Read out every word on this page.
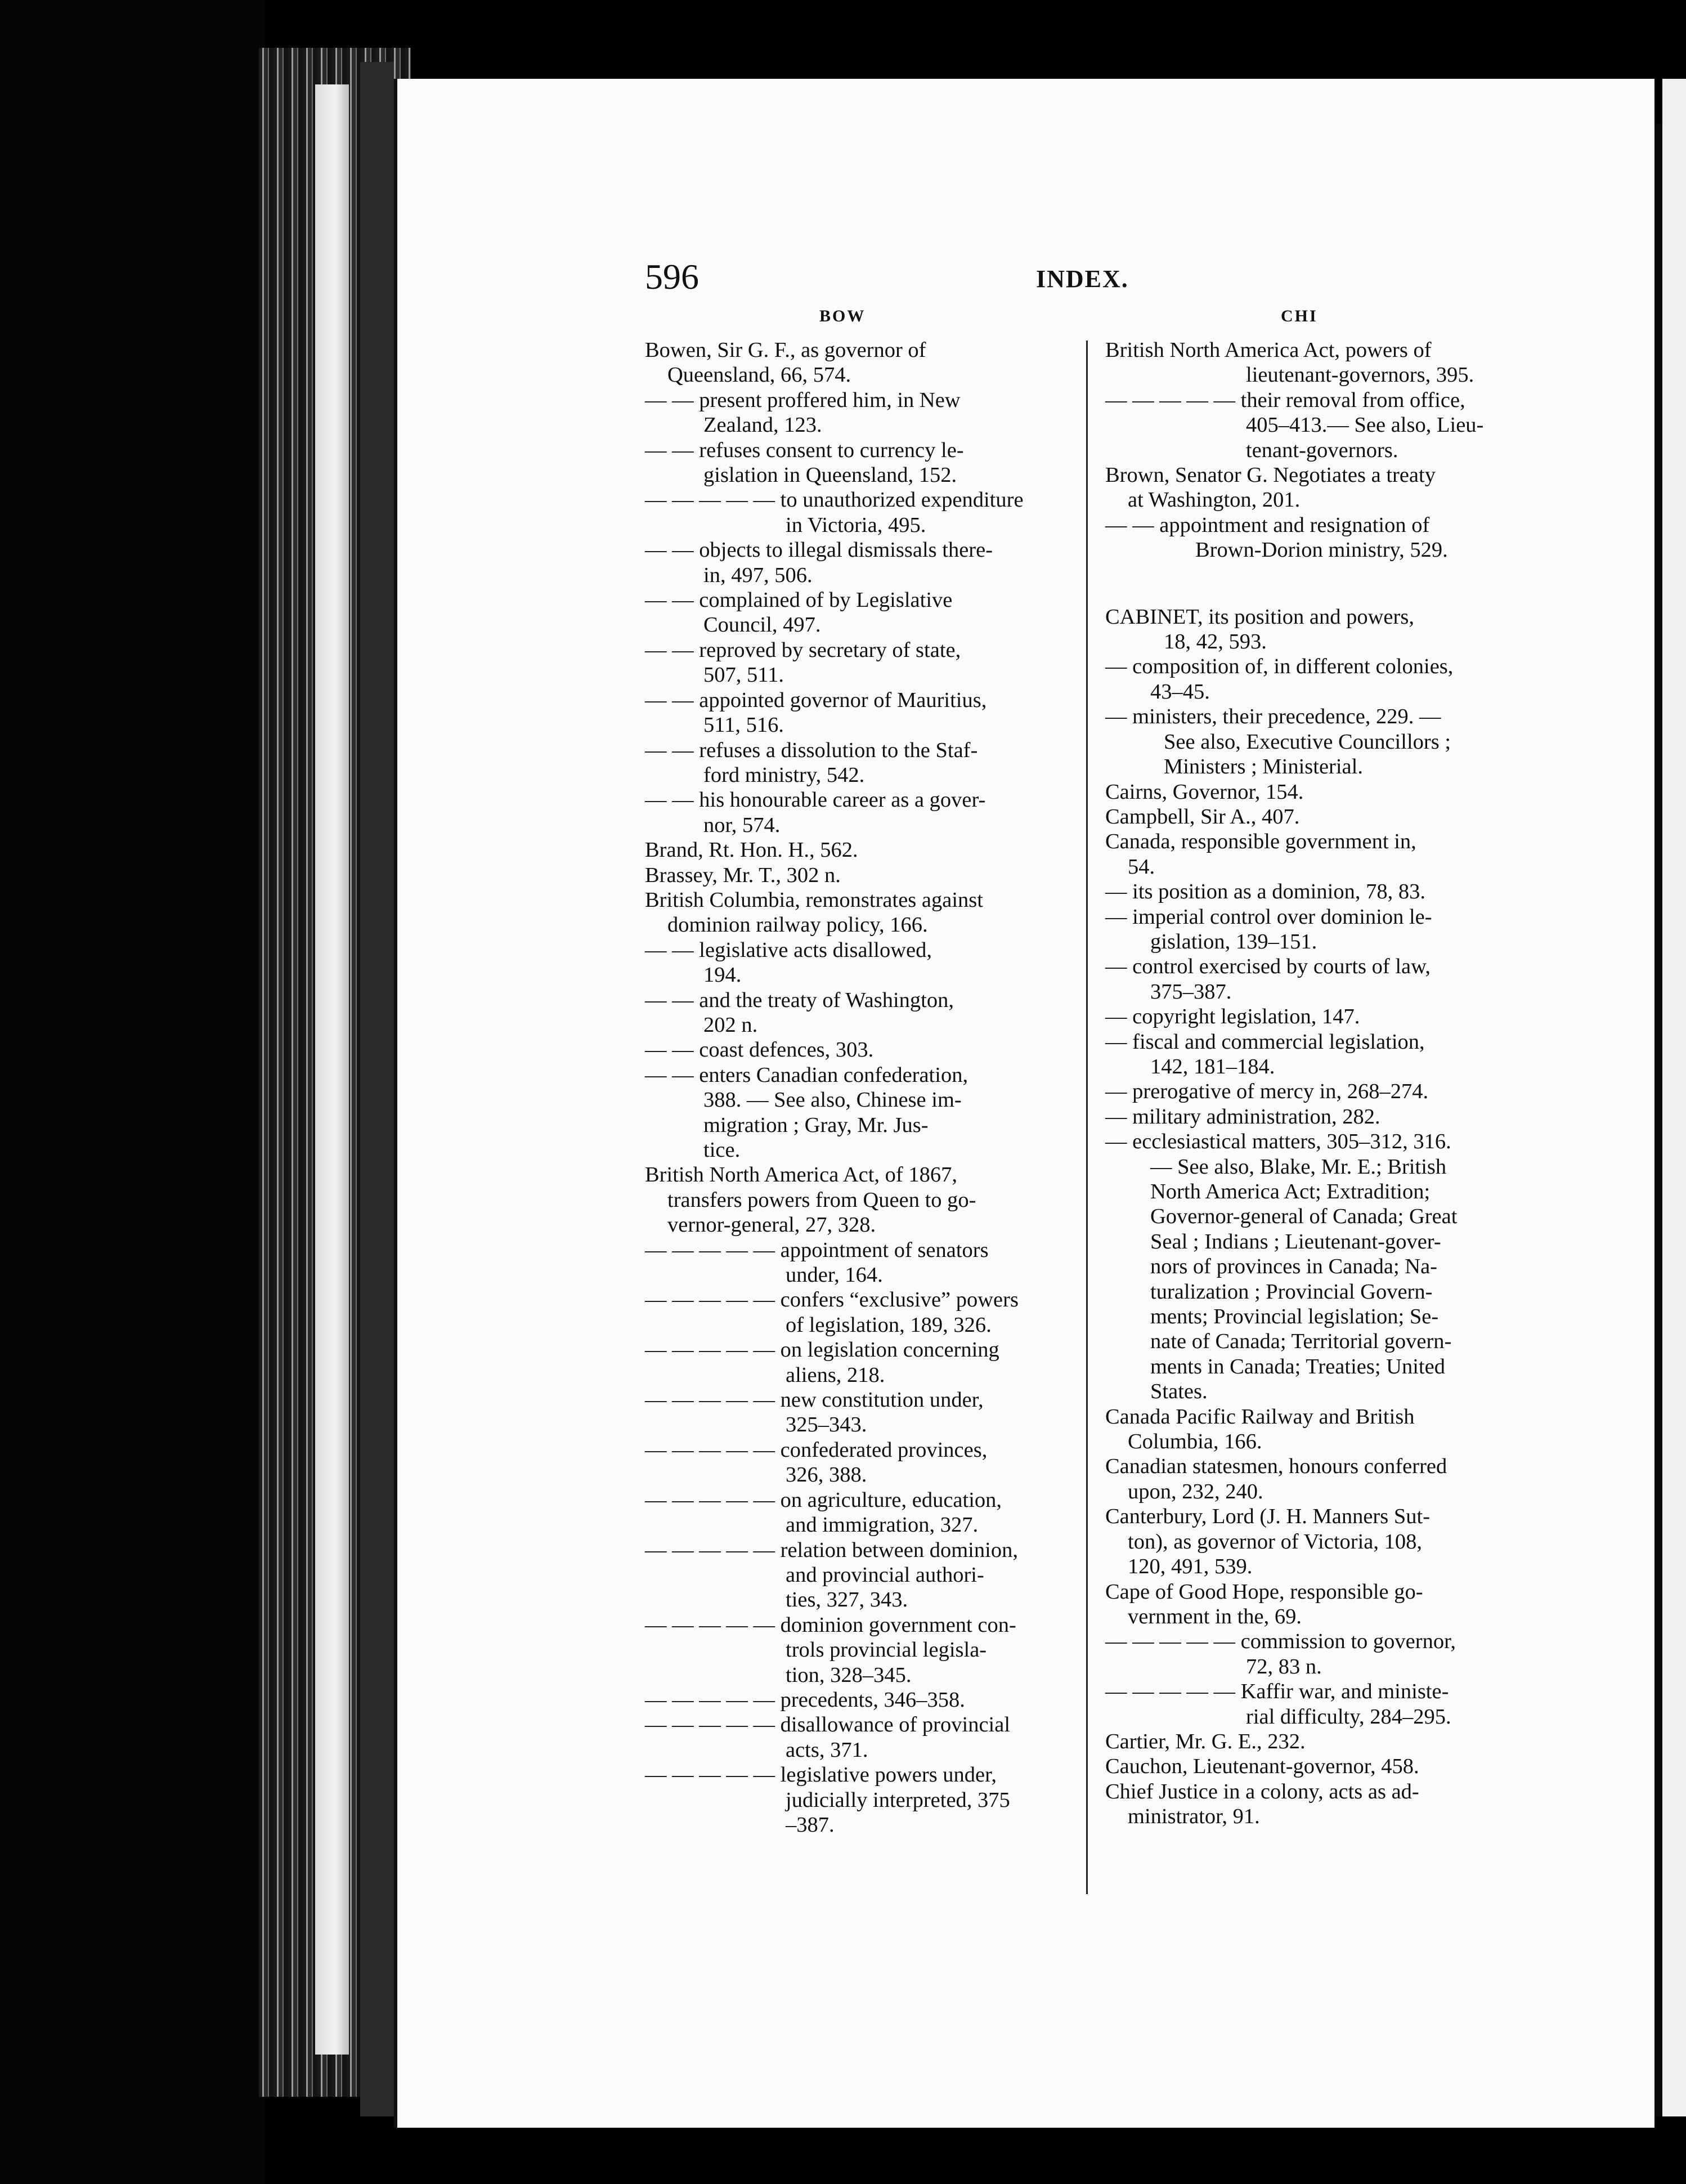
596	INDEX.
BOW	CHI
Bowen, Sir G. F., as governor of
Queensland, 66, 574.
— — present proffered him, in New
Zealand, 123.
— — refuses consent to currency le-
gislation in Queensland, 152.
— — — — — to unauthorized expenditure
in Victoria, 495.
— — objects to illegal dismissals there-
in, 497, 506.
— — complained of by Legislative
Council, 497.
— — reproved by secretary of state,
507, 511.
— — appointed governor of Mauritius,
511, 516.
— — refuses a dissolution to the Staf-
ford ministry, 542.
— — his honourable career as a gover-
nor, 574.
Brand, Rt. Hon. H., 562.
Brassey, Mr. T., 302 n.
British Columbia, remonstrates against
dominion railway policy, 166.
— — legislative acts disallowed,
194.
— — and the treaty of Washington,
202 n.
— — coast defences, 303.
— — enters Canadian confederation,
388. — See also, Chinese im-
migration ; Gray, Mr. Jus-
tice.
British North America Act, of 1867,
transfers powers from Queen to go-
vernor-general, 27, 328.
— — — — — appointment of senators
under, 164.
— — — — — confers “exclusive” powers
of legislation, 189, 326.
— — — — — on legislation concerning
aliens, 218.
— — — — — new constitution under,
325–343.
— — — — — confederated provinces,
326, 388.
— — — — — on agriculture, education,
and immigration, 327.
— — — — — relation between dominion,
and provincial authori-
ties, 327, 343.
— — — — — dominion government con-
trols provincial legisla-
tion, 328–345.
— — — — — precedents, 346–358.
— — — — — disallowance of provincial
acts, 371.
— — — — — legislative powers under,
judicially interpreted, 375
–387.
British North America Act, powers of
lieutenant-governors, 395.
— — — — — their removal from office,
405–413.— See also, Lieu-
tenant-governors.
Brown, Senator G. Negotiates a treaty
at Washington, 201.
— — appointment and resignation of
Brown-Dorion ministry, 529.
CABINET, its position and powers,
18, 42, 593.
— composition of, in different colonies,
43–45.
— ministers, their precedence, 229. —
See also, Executive Councillors ;
Ministers ; Ministerial.
Cairns, Governor, 154.
Campbell, Sir A., 407.
Canada, responsible government in,
54.
— its position as a dominion, 78, 83.
— imperial control over dominion le-
gislation, 139–151.
— control exercised by courts of law,
375–387.
— copyright legislation, 147.
— fiscal and commercial legislation,
142, 181–184.
— prerogative of mercy in, 268–274.
— military administration, 282.
— ecclesiastical matters, 305–312, 316.
— See also, Blake, Mr. E.; British
North America Act; Extradition;
Governor-general of Canada; Great
Seal ; Indians ; Lieutenant-gover-
nors of provinces in Canada; Na-
turalization ; Provincial Govern-
ments; Provincial legislation; Se-
nate of Canada; Territorial govern-
ments in Canada; Treaties; United
States.
Canada Pacific Railway and British
Columbia, 166.
Canadian statesmen, honours conferred
upon, 232, 240.
Canterbury, Lord (J. H. Manners Sut-
ton), as governor of Victoria, 108,
120, 491, 539.
Cape of Good Hope, responsible go-
vernment in the, 69.
— — — — — commission to governor,
72, 83 n.
— — — — — Kaffir war, and ministe-
rial difficulty, 284–295.
Cartier, Mr. G. E., 232.
Cauchon, Lieutenant-governor, 458.
Chief Justice in a colony, acts as ad-
ministrator, 91.
